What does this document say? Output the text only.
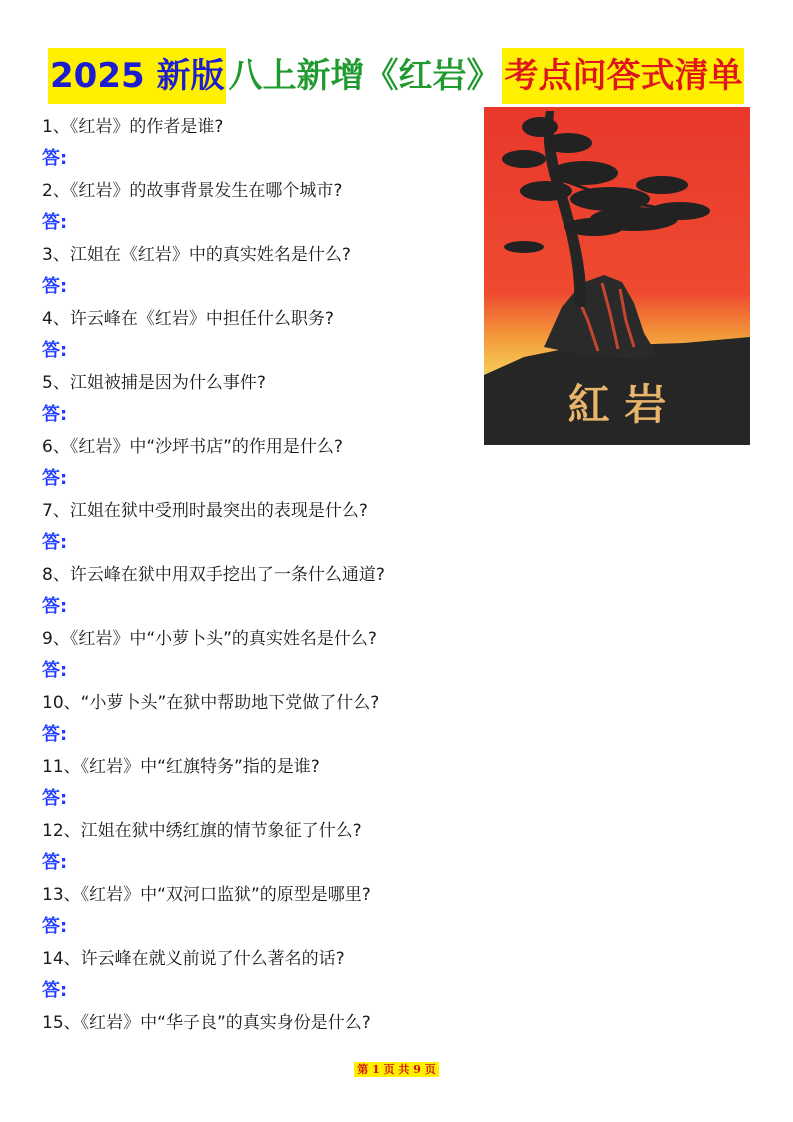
2025 新版 八上新增《红岩》 考点问答式清单
1、《红岩》的作者是谁?
答:
2、《红岩》的故事背景发生在哪个城市?
答:
3、江姐在《红岩》中的真实姓名是什么?
答:
4、许云峰在《红岩》中担任什么职务?
答:
5、江姐被捕是因为什么事件?
答:
6、《红岩》中“沙坪书店”的作用是什么?
答:
7、江姐在狱中受刑时最突出的表现是什么?
答:
8、许云峰在狱中用双手挖出了一条什么通道?
答:
9、《红岩》中“小萝卜头”的真实姓名是什么?
答:
10、“小萝卜头”在狱中帮助地下党做了什么?
答:
11、《红岩》中“红旗特务”指的是谁?
答:
12、江姐在狱中绣红旗的情节象征了什么?
答:
13、《红岩》中“双河口监狱”的原型是哪里?
答:
14、许云峰在就义前说了什么著名的话?
答:
15、《红岩》中“华子良”的真实身份是什么?
紅 岩
第 1 页 共 9 页
